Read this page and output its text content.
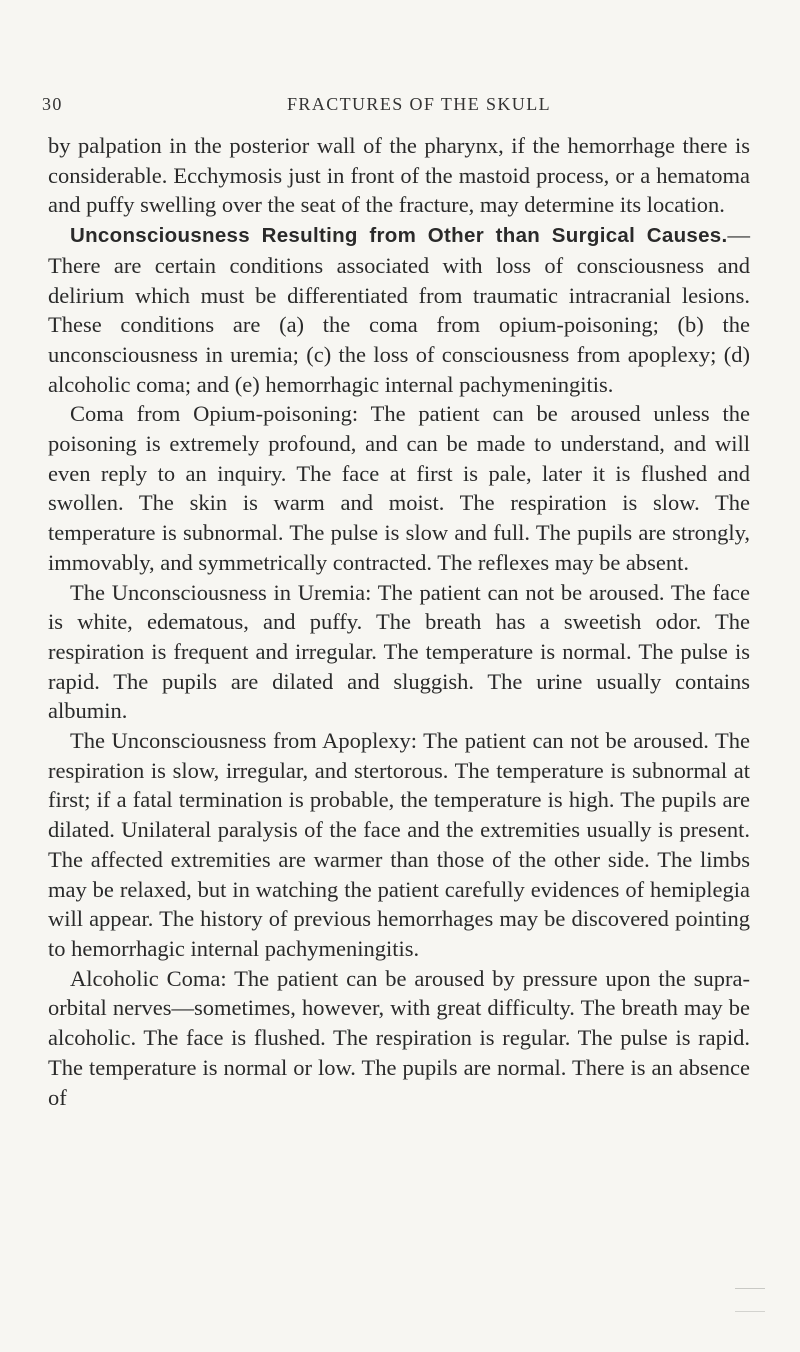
30	FRACTURES OF THE SKULL

by palpation in the posterior wall of the pharynx, if the hemorrhage there is considerable. Ecchymosis just in front of the mastoid process, or a hematoma and puffy swelling over the seat of the fracture, may determine its location.

Unconsciousness Resulting from Other than Surgical Causes.—There are certain conditions associated with loss of consciousness and delirium which must be differentiated from traumatic intracranial lesions. These conditions are (a) the coma from opium-poisoning; (b) the unconsciousness in uremia; (c) the loss of consciousness from apoplexy; (d) alcoholic coma; and (e) hemorrhagic internal pachymeningitis.

Coma from Opium-poisoning: The patient can be aroused unless the poisoning is extremely profound, and can be made to understand, and will even reply to an inquiry. The face at first is pale, later it is flushed and swollen. The skin is warm and moist. The respiration is slow. The temperature is subnormal. The pulse is slow and full. The pupils are strongly, immovably, and symmetrically contracted. The reflexes may be absent.

The Unconsciousness in Uremia: The patient can not be aroused. The face is white, edematous, and puffy. The breath has a sweetish odor. The respiration is frequent and irregular. The temperature is normal. The pulse is rapid. The pupils are dilated and sluggish. The urine usually contains albumin.

The Unconsciousness from Apoplexy: The patient can not be aroused. The respiration is slow, irregular, and stertorous. The temperature is subnormal at first; if a fatal termination is probable, the temperature is high. The pupils are dilated. Unilateral paralysis of the face and the extremities usually is present. The affected extremities are warmer than those of the other side. The limbs may be relaxed, but in watching the patient carefully evidences of hemiplegia will appear. The history of previous hemorrhages may be discovered pointing to hemorrhagic internal pachymeningitis.

Alcoholic Coma: The patient can be aroused by pressure upon the supra-orbital nerves—sometimes, however, with great difficulty. The breath may be alcoholic. The face is flushed. The respiration is regular. The pulse is rapid. The temperature is normal or low. The pupils are normal. There is an absence of
